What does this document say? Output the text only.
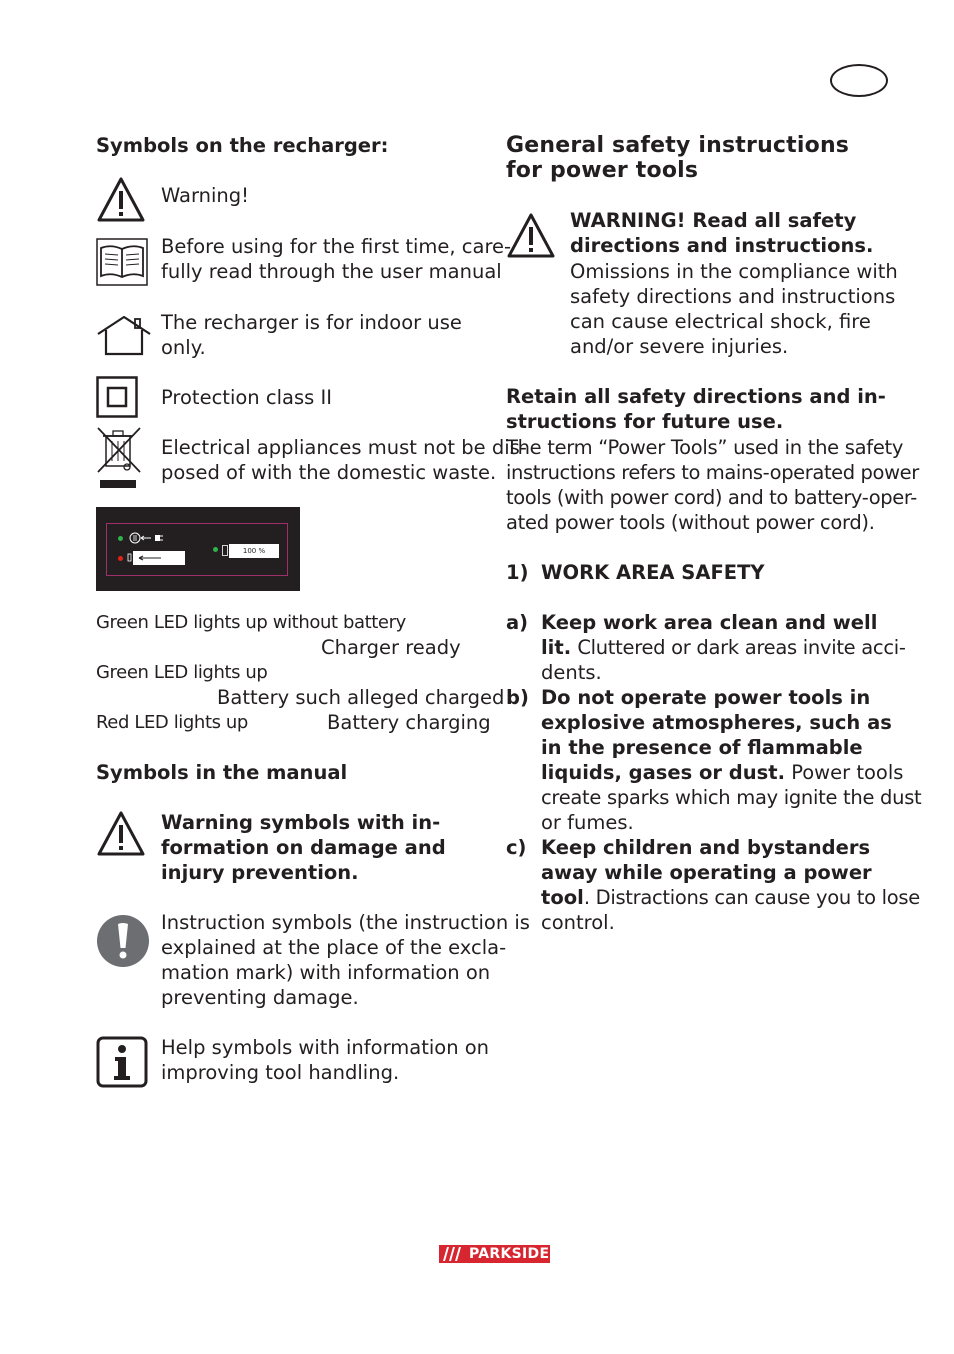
Symbols on the recharger:
Warning!
Before using for the first time, care-
fully read through the user manual
The recharger is for indoor use
only.
Protection class II
Electrical appliances must not be dis-
posed of with the domestic waste.
100 %
Green LED lights up without battery
Charger ready
Green LED lights up
Battery such alleged charged
Red LED lights up	Battery charging
Symbols in the manual
Warning symbols with in-
formation on damage and
injury prevention.
Instruction symbols (the instruction is
explained at the place of the excla-
mation mark) with information on
preventing damage.
Help symbols with information on
improving tool handling.
General safety instructions
for power tools
WARNING! Read all safety
directions and instructions.
Omissions in the compliance with
safety directions and instructions
can cause electrical shock, fire
and/or severe injuries.
Retain all safety directions and in-
structions for future use.
The term “Power Tools” used in the safety
instructions refers to mains-operated power
tools (with power cord) and to battery-oper-
ated power tools (without power cord).
1) WORK AREA SAFETY
a) Keep work area clean and well
lit. Cluttered or dark areas invite acci-
dents.
b) Do not operate power tools in
explosive atmospheres, such as
in the presence of flammable
liquids, gases or dust. Power tools
create sparks which may ignite the dust
or fumes.
c) Keep children and bystanders
away while operating a power
tool. Distractions can cause you to lose
control.
PARKSIDE
